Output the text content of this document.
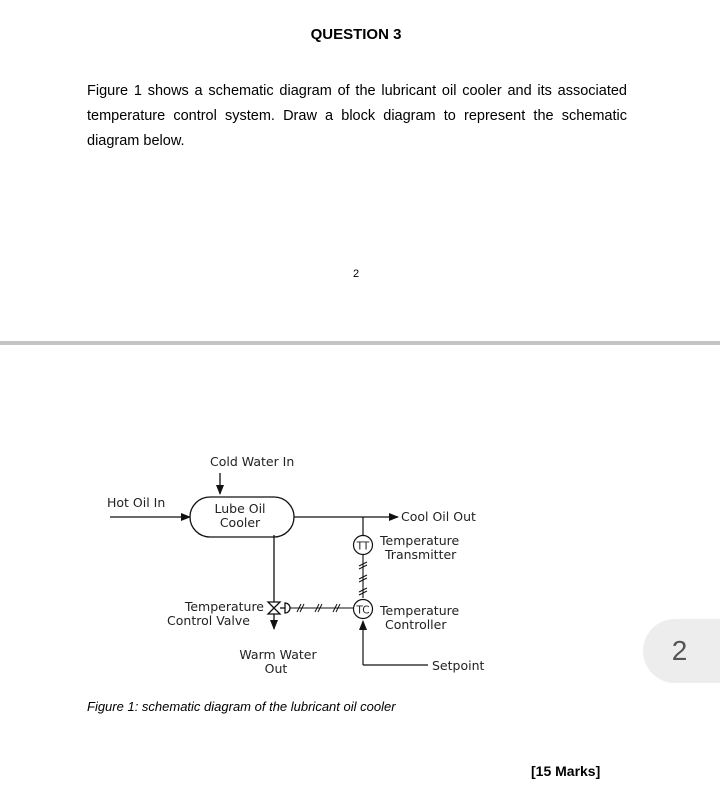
QUESTION 3
Figure 1 shows a schematic diagram of the lubricant oil cooler and its associated temperature control system. Draw a block diagram to represent the schematic diagram below.
2
Cold Water In
Hot Oil In	Lube Oil
Cooler	Cool Oil Out
TT Temperature
Transmitter
Temperature
Control Valve
TC Temperature
Controller
Warm Water
Out	Setpoint	2
Figure 1: schematic diagram of the lubricant oil cooler
[15 Marks]
